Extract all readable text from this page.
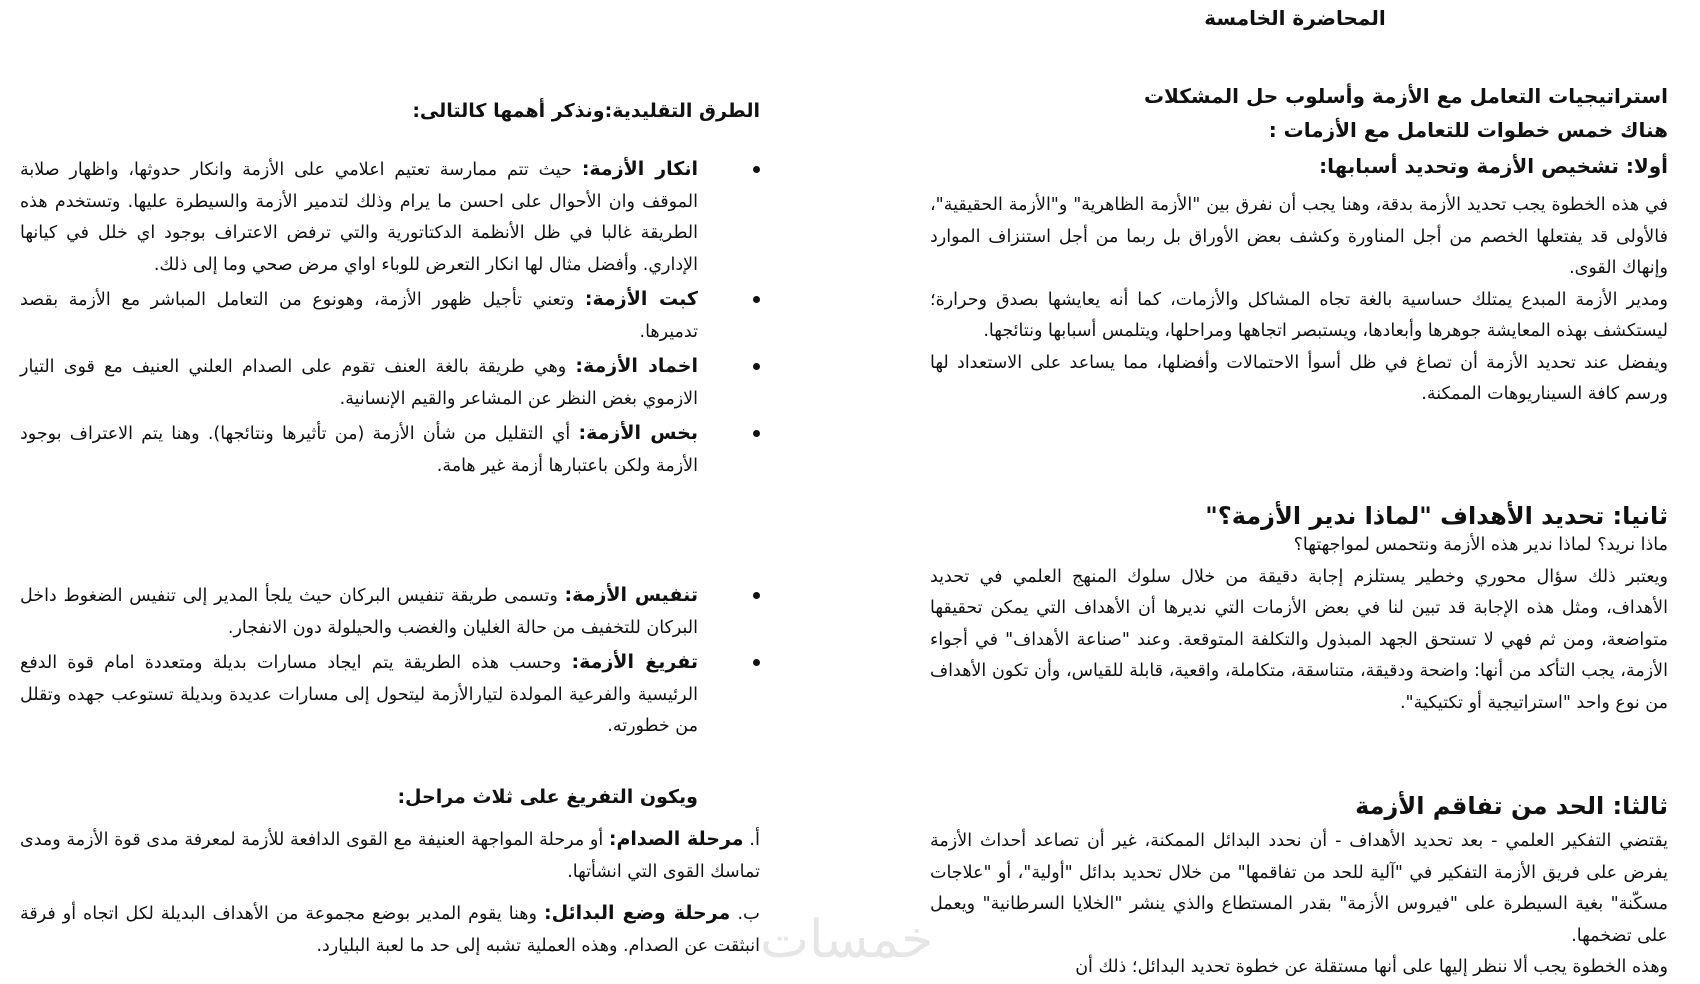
المحاضرة الخامسة
استراتيجيات التعامل مع الأزمة وأسلوب حل المشكلات
هناك خمس خطوات للتعامل مع الأزمات :

أولا: تشخيص الأزمة وتحديد أسبابها:

في هذه الخطوة يجب تحديد الأزمة بدقة، وهنا يجب أن نفرق بين "الأزمة الظاهرية" و"الأزمة الحقيقية"، فالأولى قد يفتعلها الخصم من أجل المناورة وكشف بعض الأوراق بل ربما من أجل استنزاف الموارد وإنهاك القوى.

ومدير الأزمة المبدع يمتلك حساسية بالغة تجاه المشاكل والأزمات، كما أنه يعايشها بصدق وحرارة؛ ليستكشف بهذه المعايشة جوهرها وأبعادها، ويستبصر اتجاهها ومراحلها، ويتلمس أسبابها ونتائجها.

ويفضل عند تحديد الأزمة أن تصاغ في ظل أسوأ الاحتمالات وأفضلها، مما يساعد على الاستعداد لها ورسم كافة السيناريوهات الممكنة.

ثانيا: تحديد الأهداف "لماذا ندير الأزمة؟"

ماذا نريد؟ لماذا ندير هذه الأزمة ونتحمس لمواجهتها؟

ويعتبر ذلك سؤال محوري وخطير يستلزم إجابة دقيقة من خلال سلوك المنهج العلمي في تحديد الأهداف، ومثل هذه الإجابة قد تبين لنا في بعض الأزمات التي نديرها أن الأهداف التي يمكن تحقيقها متواضعة، ومن ثم فهي لا تستحق الجهد المبذول والتكلفة المتوقعة. وعند "صناعة الأهداف" في أجواء الأزمة، يجب التأكد من أنها: واضحة ودقيقة، متناسقة، متكاملة، واقعية، قابلة للقياس، وأن تكون الأهداف من نوع واحد "استراتيجية أو تكتيكية".

ثالثا: الحد من تفاقم الأزمة

يقتضي التفكير العلمي - بعد تحديد الأهداف - أن نحدد البدائل الممكنة، غير أن تصاعد أحداث الأزمة يفرض على فريق الأزمة التفكير في "آلية للحد من تفاقمها" من خلال تحديد بدائل "أولية"، أو "علاجات مسكّنة" بغية السيطرة على "فيروس الأزمة" بقدر المستطاع والذي ينشر "الخلايا السرطانية" ويعمل على تضخمها.

وهذه الخطوة يجب ألا ننظر إليها على أنها مستقلة عن خطوة تحديد البدائل؛ ذلك أن

الطرق التقليدية:ونذكر أهمها كالتالى:
انكار الأزمة: حيث تتم ممارسة تعتيم اعلامي على الأزمة وانكار حدوثها، واظهار صلابة الموقف وان الأحوال على احسن ما يرام وذلك لتدمير الأزمة والسيطرة عليها. وتستخدم هذه الطريقة غالبا في ظل الأنظمة الدكتاتورية والتي ترفض الاعتراف بوجود اي خلل في كيانها الإداري. وأفضل مثال لها انكار التعرض للوباء اواي مرض صحي وما إلى ذلك.
كبت الأزمة: وتعني تأجيل ظهور الأزمة، وهونوع من التعامل المباشر مع الأزمة بقصد تدميرها.
اخماد الأزمة: وهي طريقة بالغة العنف تقوم على الصدام العلني العنيف مع قوى التيار الازموي بغض النظر عن المشاعر والقيم الإنسانية.
بخس الأزمة: أي التقليل من شأن الأزمة (من تأثيرها ونتائجها). وهنا يتم الاعتراف بوجود الأزمة ولكن باعتبارها أزمة غير هامة.
تنفيس الأزمة: وتسمى طريقة تنفيس البركان حيث يلجأ المدير إلى تنفيس الضغوط داخل البركان للتخفيف من حالة الغليان والغضب والحيلولة دون الانفجار.
تفريغ الأزمة: وحسب هذه الطريقة يتم ايجاد مسارات بديلة ومتعددة امام قوة الدفع الرئيسية والفرعية المولدة لتيارالأزمة ليتحول إلى مسارات عديدة وبديلة تستوعب جهده وتقلل من خطورته.
ويكون التفريغ على ثلاث مراحل:
أ. مرحلة الصدام: أو مرحلة المواجهة العنيفة مع القوى الدافعة للأزمة لمعرفة مدى قوة الأزمة ومدى تماسك القوى التي انشأتها.
ب. مرحلة وضع البدائل: وهنا يقوم المدير بوضع مجموعة من الأهداف البديلة لكل اتجاه أو فرقة انبثقت عن الصدام. وهذه العملية تشبه إلى حد ما لعبة البليارد. خمسات
